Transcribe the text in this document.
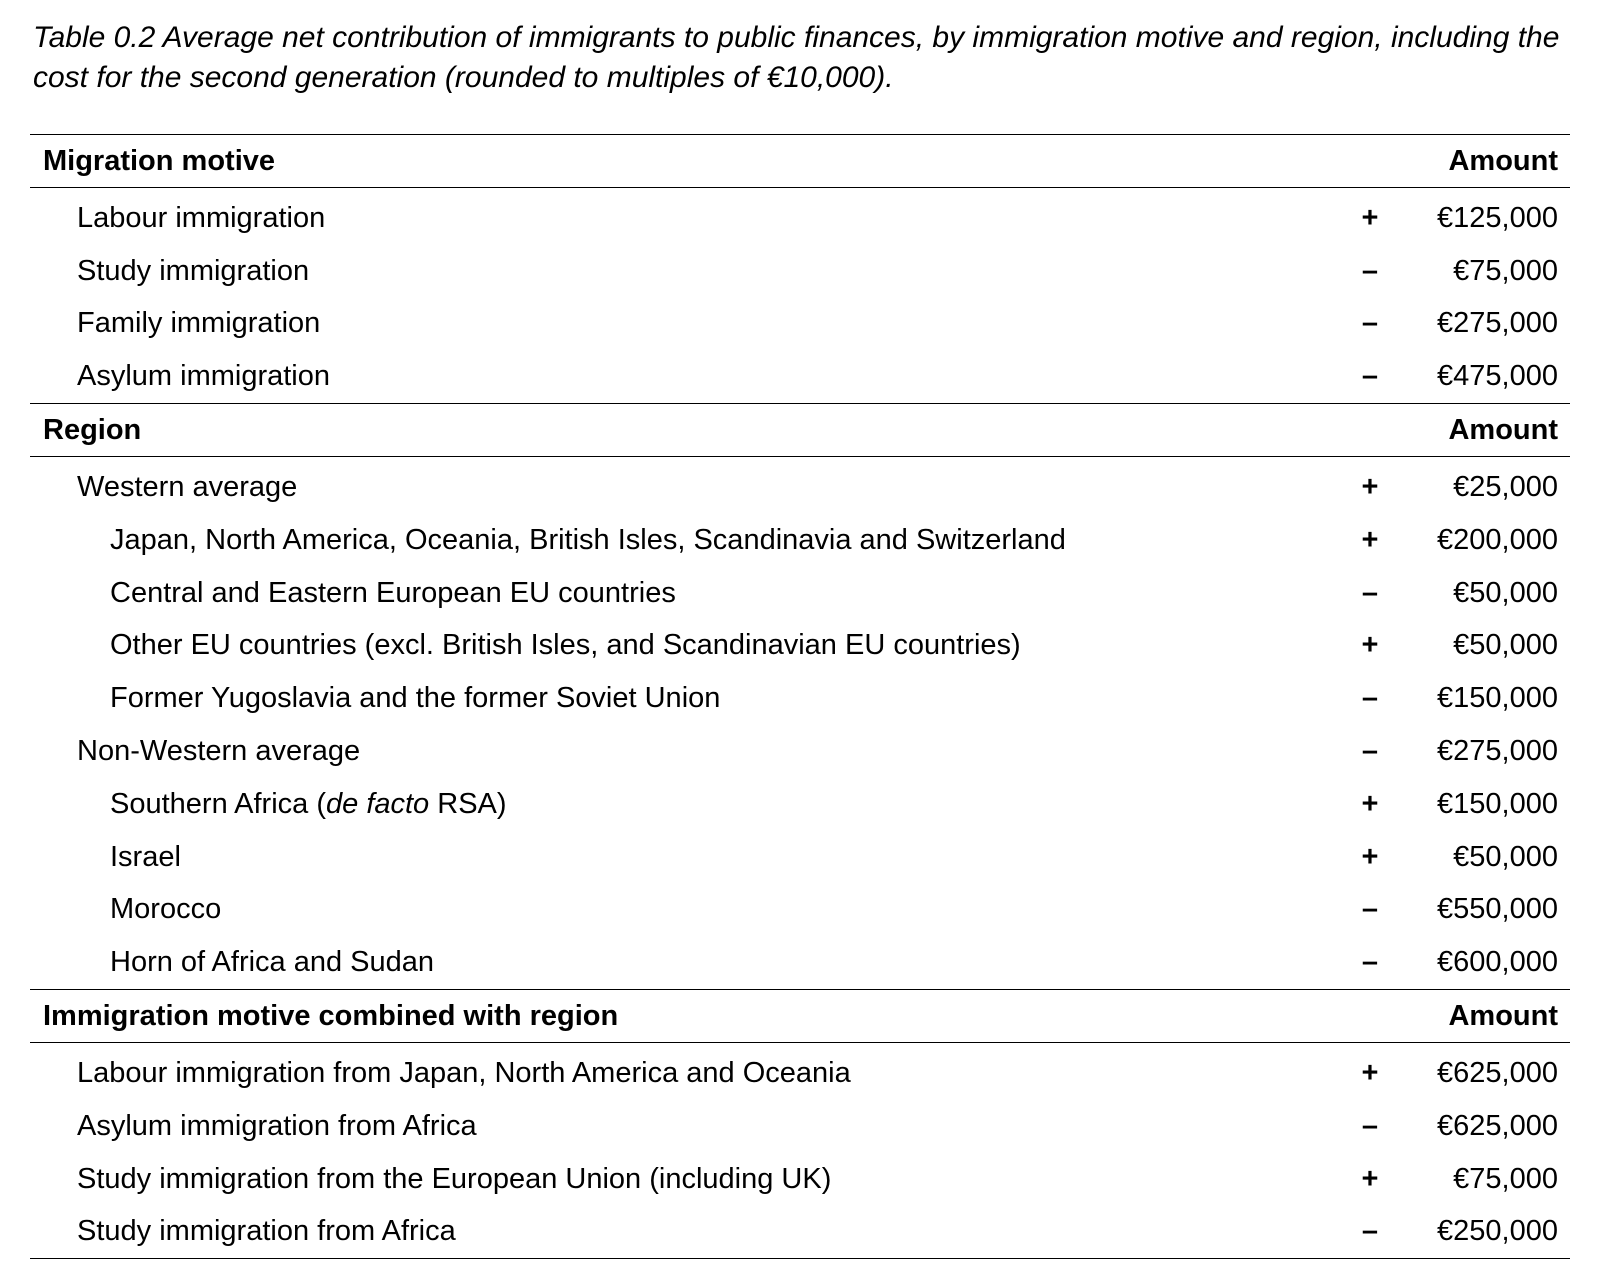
Table 0.2 Average net contribution of immigrants to public finances, by immigration motive and region, including the cost for the second generation (rounded to multiples of €10,000).

Migration motive	Amount
Labour immigration	+	€125,000
Study immigration	–	€75,000
Family immigration	–	€275,000
Asylum immigration	–	€475,000
Region	Amount
Western average	+	€25,000
Japan, North America, Oceania, British Isles, Scandinavia and Switzerland	+	€200,000
Central and Eastern European EU countries	–	€50,000
Other EU countries (excl. British Isles, and Scandinavian EU countries)	+	€50,000
Former Yugoslavia and the former Soviet Union	–	€150,000
Non-Western average	–	€275,000
Southern Africa (de facto RSA)	+	€150,000
Israel	+	€50,000
Morocco	–	€550,000
Horn of Africa and Sudan	–	€600,000
Immigration motive combined with region	Amount
Labour immigration from Japan, North America and Oceania	+	€625,000
Asylum immigration from Africa	–	€625,000
Study immigration from the European Union (including UK)	+	€75,000
Study immigration from Africa	–	€250,000
